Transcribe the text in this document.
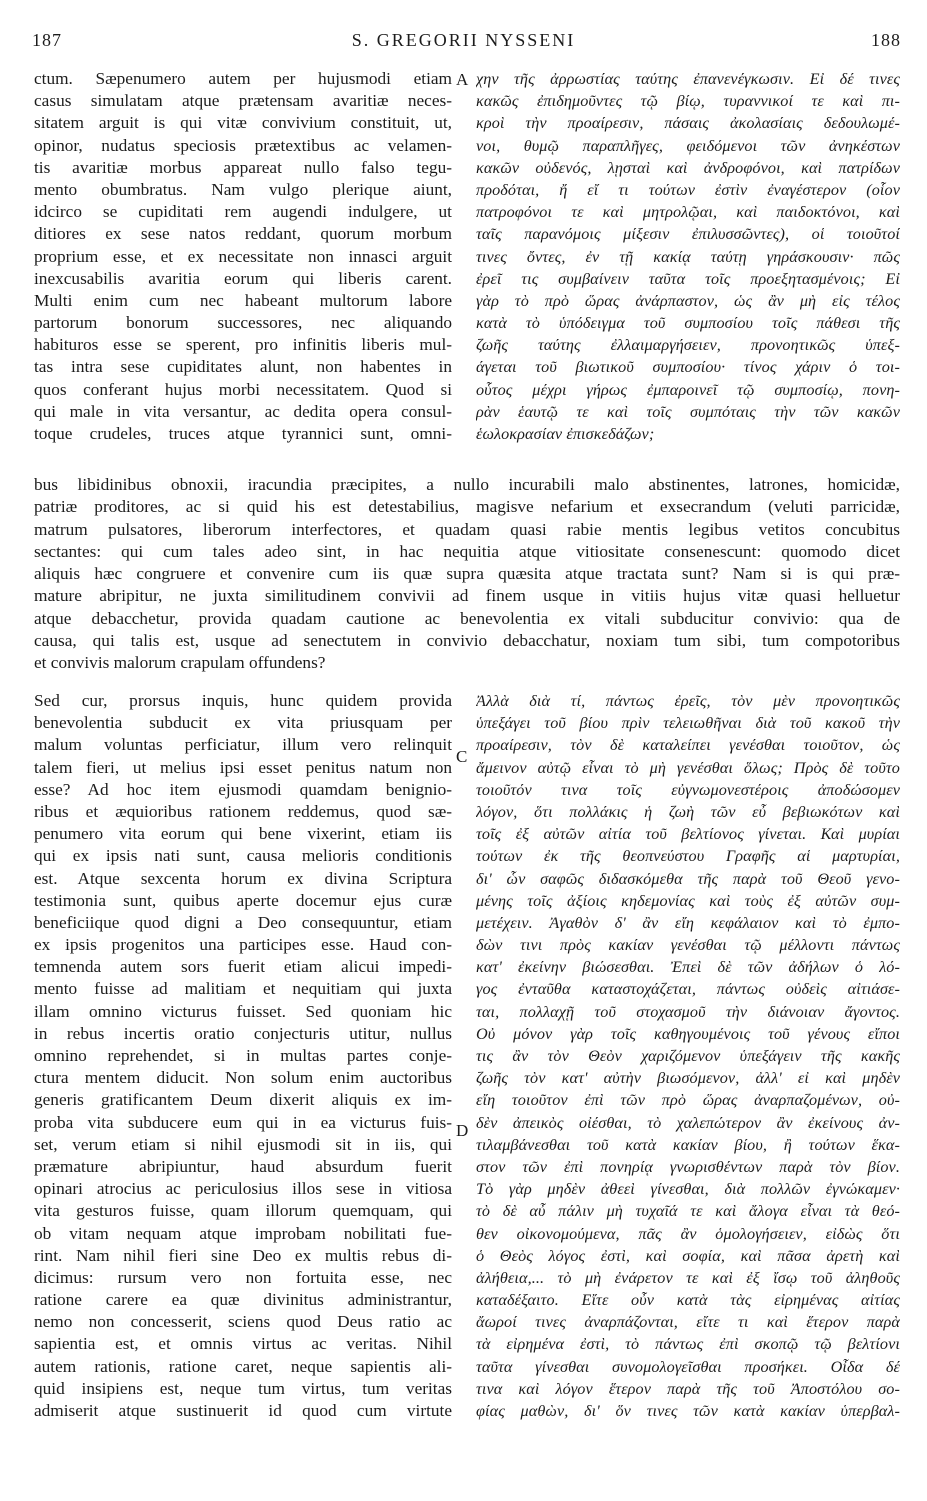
187	S. GREGORII NYSSENI	188
A
C
D
ctum. Sæpenumero autem per hujusmodi etiam
casus simulatam atque prætensam avaritiæ neces-
sitatem arguit is qui vitæ convivium constituit, ut,
opinor, nudatus speciosis prætextibus ac velamen-
tis avaritiæ morbus appareat nullo falso tegu-
mento obumbratus. Nam vulgo plerique aiunt,
idcirco se cupiditati rem augendi indulgere, ut
ditiores ex sese natos reddant, quorum morbum
proprium esse, et ex necessitate non innasci arguit
inexcusabilis avaritia eorum qui liberis carent.
Multi enim cum nec habeant multorum labore
partorum bonorum successores, nec aliquando
habituros esse se sperent, pro infinitis liberis mul-
tas intra sese cupiditates alunt, non habentes in
quos conferant hujus morbi necessitatem. Quod si
qui male in vita versantur, ac dedita opera consul-
toque crudeles, truces atque tyrannici sunt, omni-
χην τῆς ἀρρωστίας ταύτης ἐπανενέγκωσιν. Εἰ δέ τινες
κακῶς ἐπιδημοῦντες τῷ βίῳ, τυραννικοί τε καὶ πι-
κροὶ τὴν προαίρεσιν, πάσαις ἀκολασίαις δεδουλωμέ-
νοι, θυμῷ παραπλῆγες, φειδόμενοι τῶν ἀνηκέστων
κακῶν οὐδενός, λῃσταὶ καὶ ἀνδροφόνοι, καὶ πατρίδων
προδόται, ἤ εἴ τι τούτων ἐστὶν ἐναγέστερον (οἷον
πατροφόνοι τε καὶ μητρολῷαι, καὶ παιδοκτόνοι, καὶ
ταῖς παρανόμοις μίξεσιν ἐπιλυσσῶντες), οἱ τοιοῦτοί
τινες ὄντες, ἐν τῇ κακίᾳ ταύτῃ γηράσκουσιν· πῶς
ἐρεῖ τις συμβαίνειν ταῦτα τοῖς προεξητασμένοις; Εἰ
γὰρ τὸ πρὸ ὥρας ἀνάρπαστον, ὡς ἂν μὴ εἰς τέλος
κατὰ τὸ ὑπόδειγμα τοῦ συμποσίου τοῖς πάθεσι τῆς
ζωῆς ταύτης ἐλλαιμαργήσειεν, προνοητικῶς ὑπεξ-
άγεται τοῦ βιωτικοῦ συμποσίου· τίνος χάριν ὁ τοι-
οὗτος μέχρι γήρως ἐμπαροινεῖ τῷ συμποσίῳ, πονη-
ρὰν ἑαυτῷ τε καὶ τοῖς συμπόταις τὴν τῶν κακῶν
ἑωλοκρασίαν ἐπισκεδάζων;
bus libidinibus obnoxii, iracundia præcipites, a nullo incurabili malo abstinentes, latrones, homicidæ,
patriæ proditores, ac si quid his est detestabilius, magisve nefarium et exsecrandum (veluti parricidæ,
matrum pulsatores, liberorum interfectores, et quadam quasi rabie mentis legibus vetitos concubitus
sectantes: qui cum tales adeo sint, in hac nequitia atque vitiositate consenescunt: quomodo dicet
aliquis hæc congruere et convenire cum iis quæ supra quæsita atque tractata sunt? Nam si is qui præ-
mature abripitur, ne juxta similitudinem convivii ad finem usque in vitiis hujus vitæ quasi helluetur
atque debacchetur, provida quadam cautione ac benevolentia ex vitali subducitur convivio: qua de
causa, qui talis est, usque ad senectutem in convivio debacchatur, noxiam tum sibi, tum compotoribus
et convivis malorum crapulam offundens?
Sed cur, prorsus inquis, hunc quidem provida
benevolentia subducit ex vita priusquam per
malum voluntas perficiatur, illum vero relinquit
talem fieri, ut melius ipsi esset penitus natum non
esse? Ad hoc item ejusmodi quamdam benignio-
ribus et æquioribus rationem reddemus, quod sæ-
penumero vita eorum qui bene vixerint, etiam iis
qui ex ipsis nati sunt, causa melioris conditionis
est. Atque sexcenta horum ex divina Scriptura
testimonia sunt, quibus aperte docemur ejus curæ
beneficiique quod digni a Deo consequuntur, etiam
ex ipsis progenitos una participes esse. Haud con-
temnenda autem sors fuerit etiam alicui impedi-
mento fuisse ad malitiam et nequitiam qui juxta
illam omnino victurus fuisset. Sed quoniam hic
in rebus incertis oratio conjecturis utitur, nullus
omnino reprehendet, si in multas partes conje-
ctura mentem diducit. Non solum enim auctoribus
generis gratificantem Deum dixerit aliquis ex im-
proba vita subducere eum qui in ea victurus fuis-
set, verum etiam si nihil ejusmodi sit in iis, qui
præmature abripiuntur, haud absurdum fuerit
opinari atrocius ac periculosius illos sese in vitiosa
vita gesturos fuisse, quam illorum quemquam, qui
ob vitam nequam atque improbam nobilitati fue-
rint. Nam nihil fieri sine Deo ex multis rebus di-
dicimus: rursum vero non fortuita esse, nec
ratione carere ea quæ divinitus administrantur,
nemo non concesserit, sciens quod Deus ratio ac
sapientia est, et omnis virtus ac veritas. Nihil
autem rationis, ratione caret, neque sapientis ali-
quid insipiens est, neque tum virtus, tum veritas
admiserit atque sustinuerit id quod cum virtute
Ἀλλὰ διὰ τί, πάντως ἐρεῖς, τὸν μὲν προνοητικῶς
ὑπεξάγει τοῦ βίου πρὶν τελειωθῆναι διὰ τοῦ κακοῦ τὴν
προαίρεσιν, τὸν δὲ καταλείπει γενέσθαι τοιοῦτον, ὡς
ἄμεινον αὐτῷ εἶναι τὸ μὴ γενέσθαι ὅλως; Πρὸς δὲ τοῦτο
τοιοῦτόν τινα τοῖς εὐγνωμονεστέροις ἀποδώσομεν
λόγον, ὅτι πολλάκις ἡ ζωὴ τῶν εὖ βεβιωκότων καὶ
τοῖς ἐξ αὐτῶν αἰτία τοῦ βελτίονος γίνεται. Καὶ μυρίαι
τούτων ἐκ τῆς θεοπνεύστου Γραφῆς αἱ μαρτυρίαι,
δι' ὧν σαφῶς διδασκόμεθα τῆς παρὰ τοῦ Θεοῦ γενο-
μένης τοῖς ἀξίοις κηδεμονίας καὶ τοὺς ἐξ αὐτῶν συμ-
μετέχειν. Ἀγαθὸν δ' ἂν εἴη κεφάλαιον καὶ τὸ ἐμπο-
δὼν τινι πρὸς κακίαν γενέσθαι τῷ μέλλοντι πάντως
κατ' ἐκείνην βιώσεσθαι. Ἐπεὶ δὲ τῶν ἀδήλων ὁ λό-
γος ἐνταῦθα καταστοχάζεται, πάντως οὐδεὶς αἰτιάσε-
ται, πολλαχῇ τοῦ στοχασμοῦ τὴν διάνοιαν ἄγοντος.
Οὐ μόνον γὰρ τοῖς καθηγουμένοις τοῦ γένους εἴποι
τις ἂν τὸν Θεὸν χαριζόμενον ὑπεξάγειν τῆς κακῆς
ζωῆς τὸν κατ' αὐτὴν βιωσόμενον, ἀλλ' εἰ καὶ μηδὲν
εἴη τοιοῦτον ἐπὶ τῶν πρὸ ὥρας ἀναρπαζομένων, οὐ-
δὲν ἀπεικὸς οἰέσθαι, τὸ χαλεπώτερον ἂν ἐκείνους ἀν-
τιλαμβάνεσθαι τοῦ κατὰ κακίαν βίου, ἢ τούτων ἕκα-
στον τῶν ἐπὶ πονηρίᾳ γνωρισθέντων παρὰ τὸν βίον.
Τὸ γὰρ μηδὲν ἀθεεὶ γίνεσθαι, διὰ πολλῶν ἐγνώκαμεν·
τὸ δὲ αὖ πάλιν μὴ τυχαῖά τε καὶ ἄλογα εἶναι τὰ θεό-
θεν οἰκονομούμενα, πᾶς ἂν ὁμολογήσειεν, εἰδὼς ὅτι
ὁ Θεὸς λόγος ἐστὶ, καὶ σοφία, καὶ πᾶσα ἀρετὴ καὶ
ἀλήθεια,... τὸ μὴ ἐνάρετον τε καὶ ἐξ ἴσῳ τοῦ ἀληθοῦς
καταδέξαιτο. Εἴτε οὖν κατὰ τὰς εἰρημένας αἰτίας
ἄωροί τινες ἀναρπάζονται, εἴτε τι καὶ ἕτερον παρὰ
τὰ εἰρημένα ἐστὶ, τὸ πάντως ἐπὶ σκοπῷ τῷ βελτίονι
ταῦτα γίνεσθαι συνομολογεῖσθαι προσήκει. Οἶδα δέ
τινα καὶ λόγον ἕτερον παρὰ τῆς τοῦ Ἀποστόλου σο-
φίας μαθὼν, δι' ὅν τινες τῶν κατὰ κακίαν ὑπερβαλ-
